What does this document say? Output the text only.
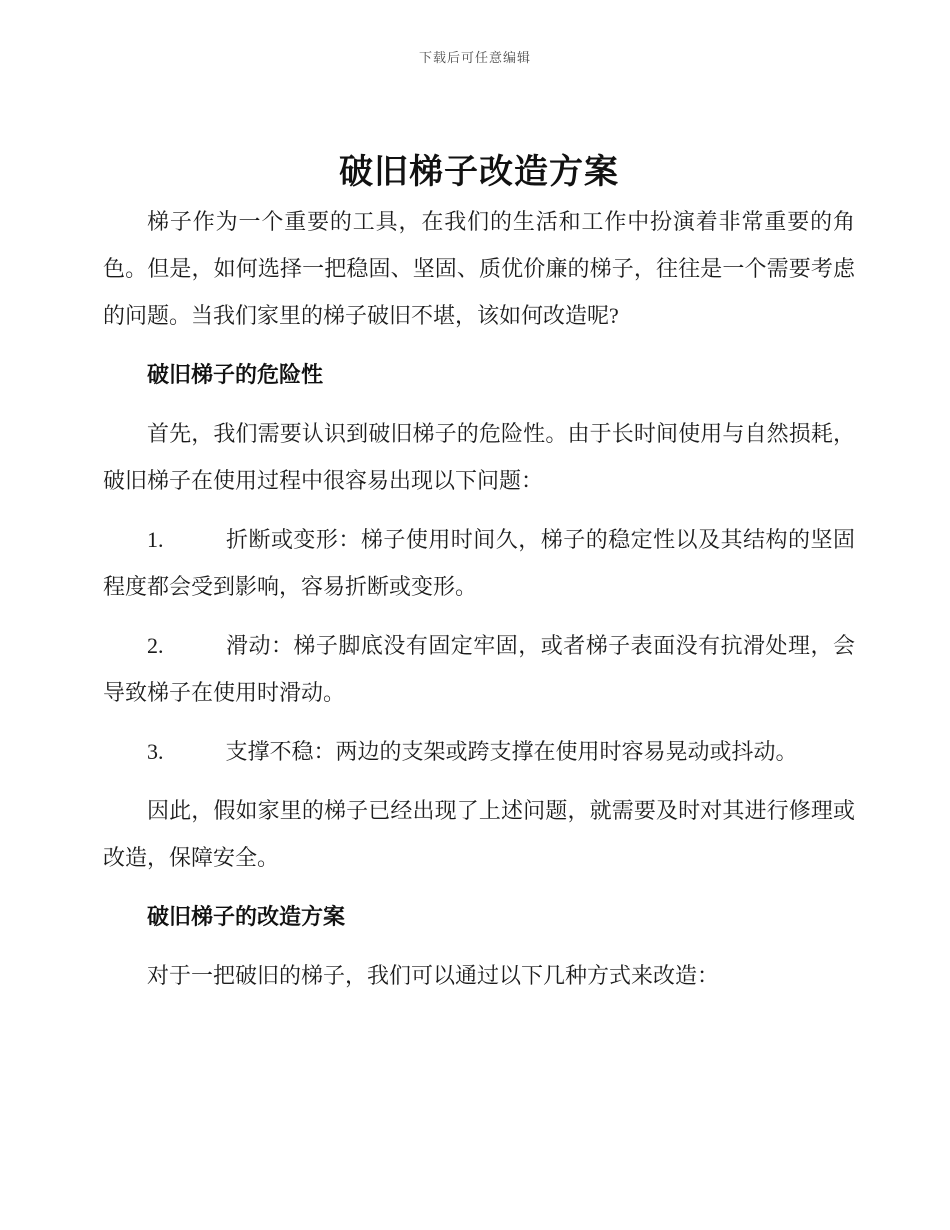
下载后可任意编辑
破旧梯子改造方案

梯子作为一个重要的工具，在我们的生活和工作中扮演着非常重要的角色。但是，如何选择一把稳固、坚固、质优价廉的梯子，往往是一个需要考虑的问题。当我们家里的梯子破旧不堪，该如何改造呢?

破旧梯子的危险性

首先，我们需要认识到破旧梯子的危险性。由于长时间使用与自然损耗，破旧梯子在使用过程中很容易出现以下问题：

1.	折断或变形：梯子使用时间久，梯子的稳定性以及其结构的坚固程度都会受到影响，容易折断或变形。

2.	滑动：梯子脚底没有固定牢固，或者梯子表面没有抗滑处理，会导致梯子在使用时滑动。

3.	支撑不稳：两边的支架或跨支撑在使用时容易晃动或抖动。

因此，假如家里的梯子已经出现了上述问题，就需要及时对其进行修理或改造，保障安全。

破旧梯子的改造方案

对于一把破旧的梯子，我们可以通过以下几种方式来改造：
